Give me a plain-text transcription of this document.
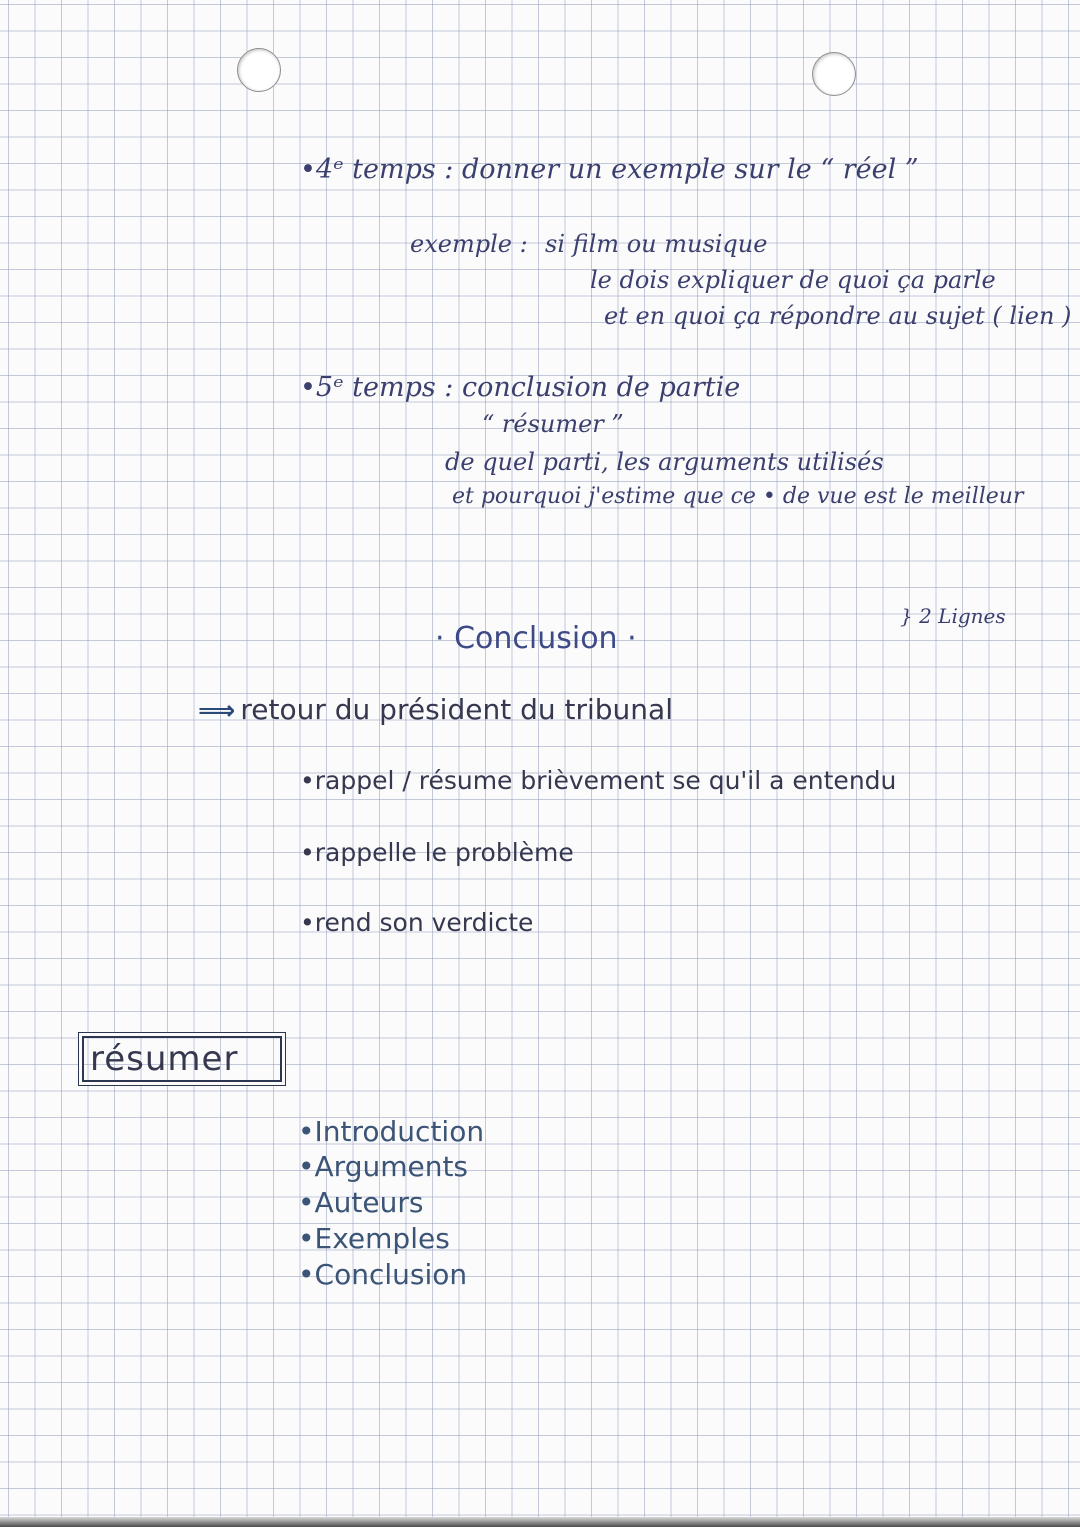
•4ᵉ temps : donner un exemple sur le “ réel ”
exemple : si film ou musique
le dois expliquer de quoi ça parle
et en quoi ça répondre au sujet ( lien )
•5ᵉ temps : conclusion de partie
“ résumer ”
de quel parti, les arguments utilisés
et pourquoi j'estime que ce • de vue est le meilleur
· Conclusion ·
} 2 Lignes
⟹ retour du président du tribunal
•rappel / résume brièvement se qu'il a entendu
•rappelle le problème
•rend son verdicte
résumer
•Introduction
•Arguments
•Auteurs
•Exemples
•Conclusion
